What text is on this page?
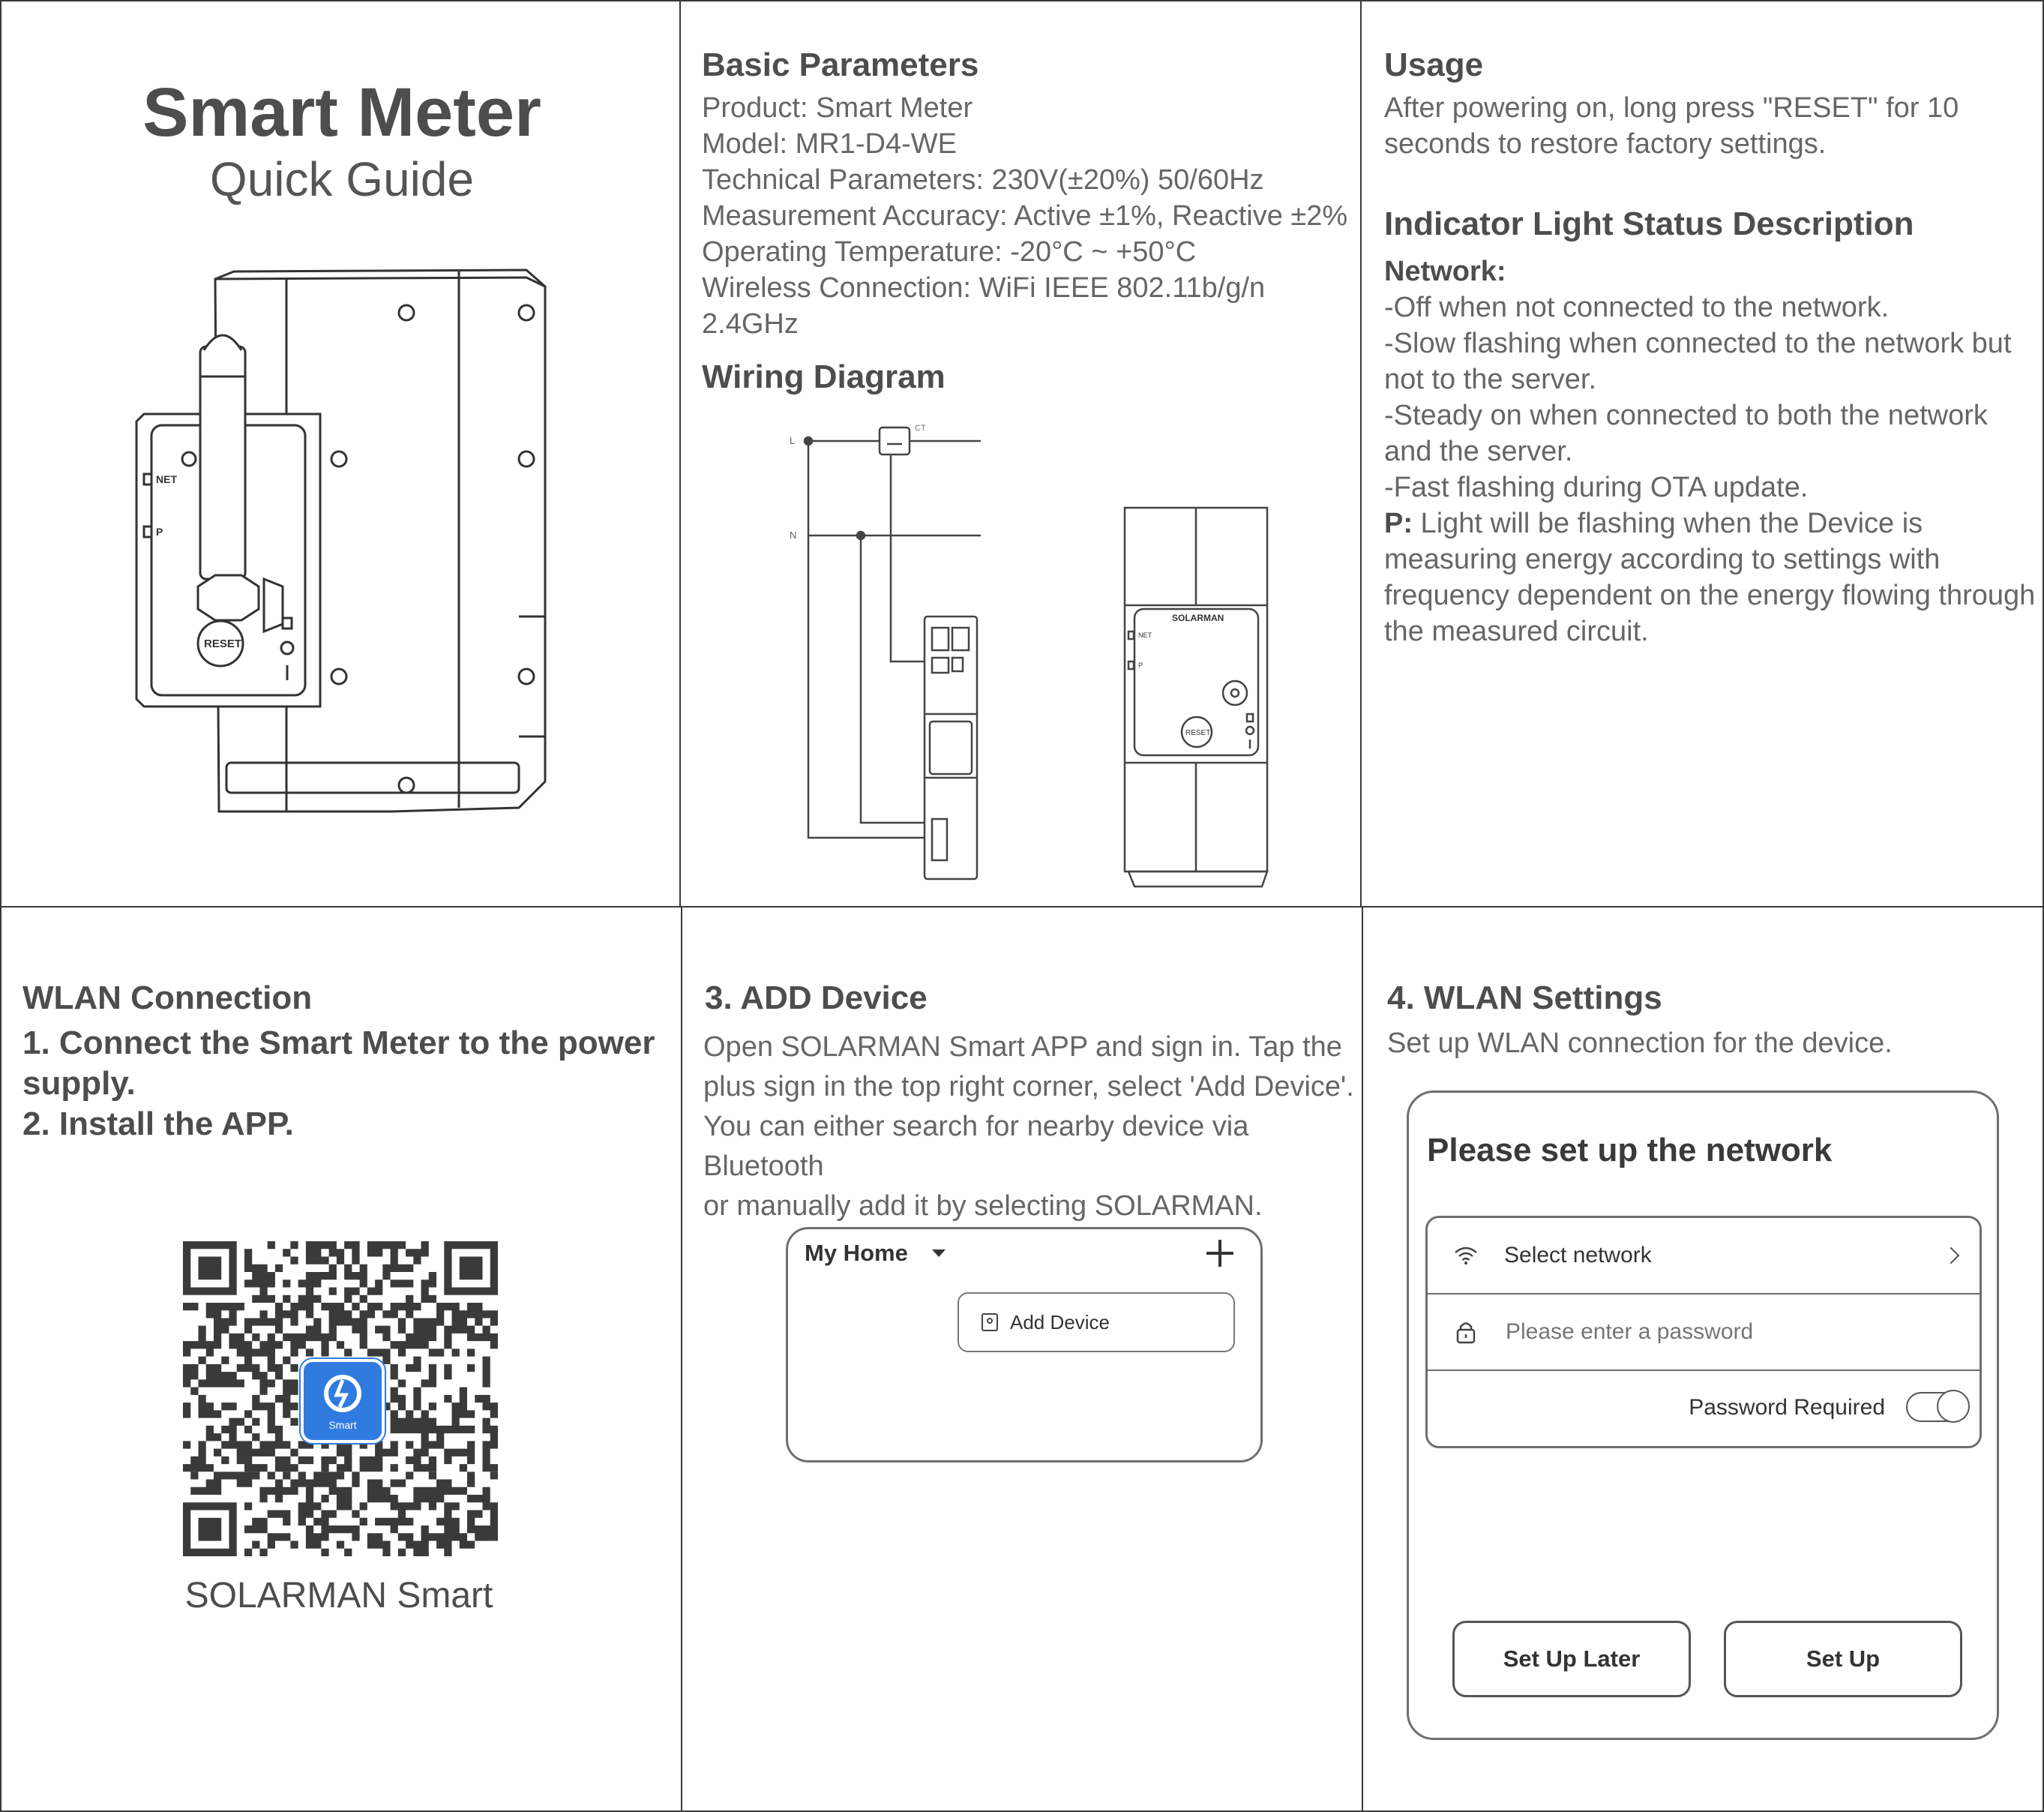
Smart Meter
Quick Guide
NET
P
RESET
Basic Parameters
Product: Smart Meter
Model: MR1-D4-WE
Technical Parameters: 230V(±20%) 50/60Hz
Measurement Accuracy: Active ±1%, Reactive ±2%
Operating Temperature: -20°C ~ +50°C
Wireless Connection: WiFi IEEE 802.11b/g/n 2.4GHz
Wiring Diagram
L
CT
N
SOLARMAN
NET
P
RESET
Usage
After powering on, long press "RESET" for 10
seconds to restore factory settings.
Indicator Light Status Description
Network:
-Off when not connected to the network.
-Slow flashing when connected to the network but
not to the server.
-Steady on when connected to both the network
and the server.
-Fast flashing during OTA update.
P: Light will be flashing when the Device is
measuring energy according to settings with
frequency dependent on the energy flowing through
the measured circuit.
WLAN Connection
1. Connect the Smart Meter to the power
supply.
2. Install the APP.
Smart
SOLARMAN Smart
3. ADD Device
Open SOLARMAN Smart APP and sign in. Tap the
plus sign in the top right corner, select 'Add Device'.
You can either search for nearby device via Bluetooth
or manually add it by selecting SOLARMAN.
My Home
Add Device
4. WLAN Settings
Set up WLAN connection for the device.
Please set up the network
Select network
Please enter a password
Password Required
Set Up Later	Set Up
